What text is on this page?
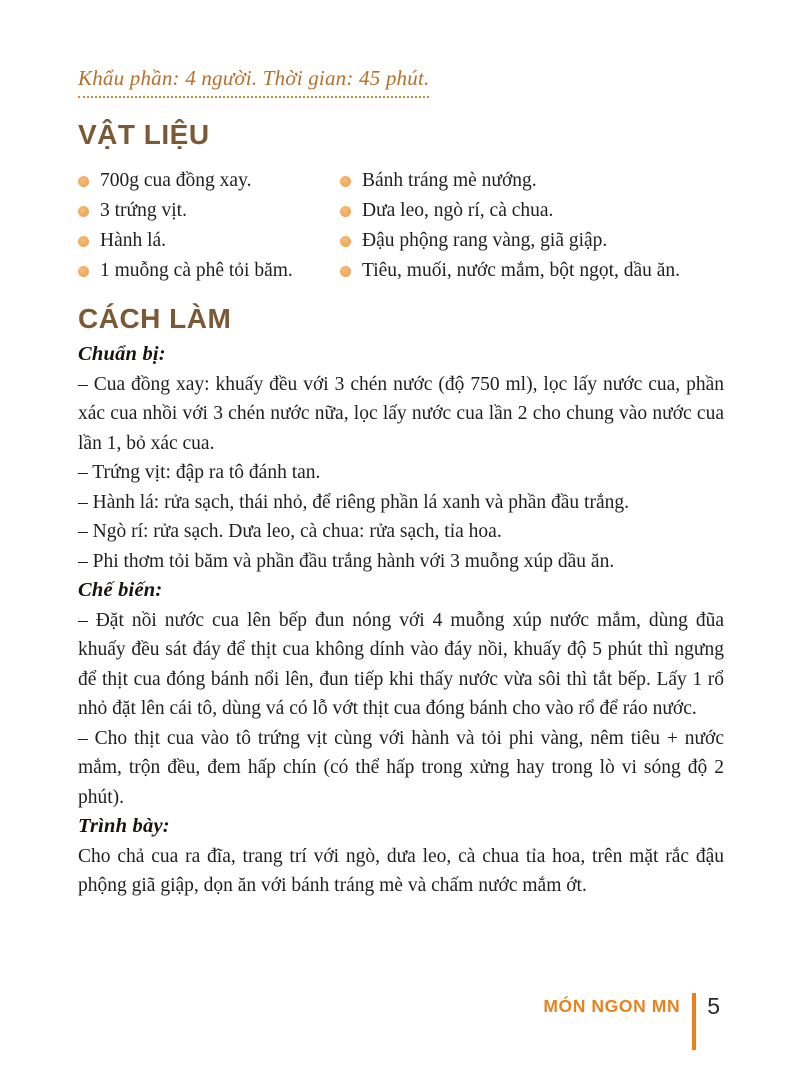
Khẩu phần: 4 người. Thời gian: 45 phút.
VẬT LIỆU
700g cua đồng xay.
3 trứng vịt.
Hành lá.
1 muỗng cà phê tỏi băm.
Bánh tráng mè nướng.
Dưa leo, ngò rí, cà chua.
Đậu phộng rang vàng, giã giập.
Tiêu, muối, nước mắm, bột ngọt, dầu ăn.
CÁCH LÀM
Chuẩn bị:

– Cua đồng xay: khuấy đều với 3 chén nước (độ 750 ml), lọc lấy nước cua, phần xác cua nhồi với 3 chén nước nữa, lọc lấy nước cua lần 2 cho chung vào nước cua lần 1, bỏ xác cua.

– Trứng vịt: đập ra tô đánh tan.

– Hành lá: rửa sạch, thái nhỏ, để riêng phần lá xanh và phần đầu trắng.

– Ngò rí: rửa sạch. Dưa leo, cà chua: rửa sạch, tỉa hoa.

– Phi thơm tỏi băm và phần đầu trắng hành với 3 muỗng xúp dầu ăn.

Chế biến:

– Đặt nồi nước cua lên bếp đun nóng với 4 muỗng xúp nước mắm, dùng đũa khuấy đều sát đáy để thịt cua không dính vào đáy nồi, khuấy độ 5 phút thì ngưng để thịt cua đóng bánh nổi lên, đun tiếp khi thấy nước vừa sôi thì tắt bếp. Lấy 1 rổ nhỏ đặt lên cái tô, dùng vá có lỗ vớt thịt cua đóng bánh cho vào rổ để ráo nước.

– Cho thịt cua vào tô trứng vịt cùng với hành và tỏi phi vàng, nêm tiêu + nước mắm, trộn đều, đem hấp chín (có thể hấp trong xửng hay trong lò vi sóng độ 2 phút).

Trình bày:

Cho chả cua ra đĩa, trang trí với ngò, dưa leo, cà chua tỉa hoa, trên mặt rắc đậu phộng giã giập, dọn ăn với bánh tráng mè và chấm nước mắm ớt.

MÓN NGON MN 5
